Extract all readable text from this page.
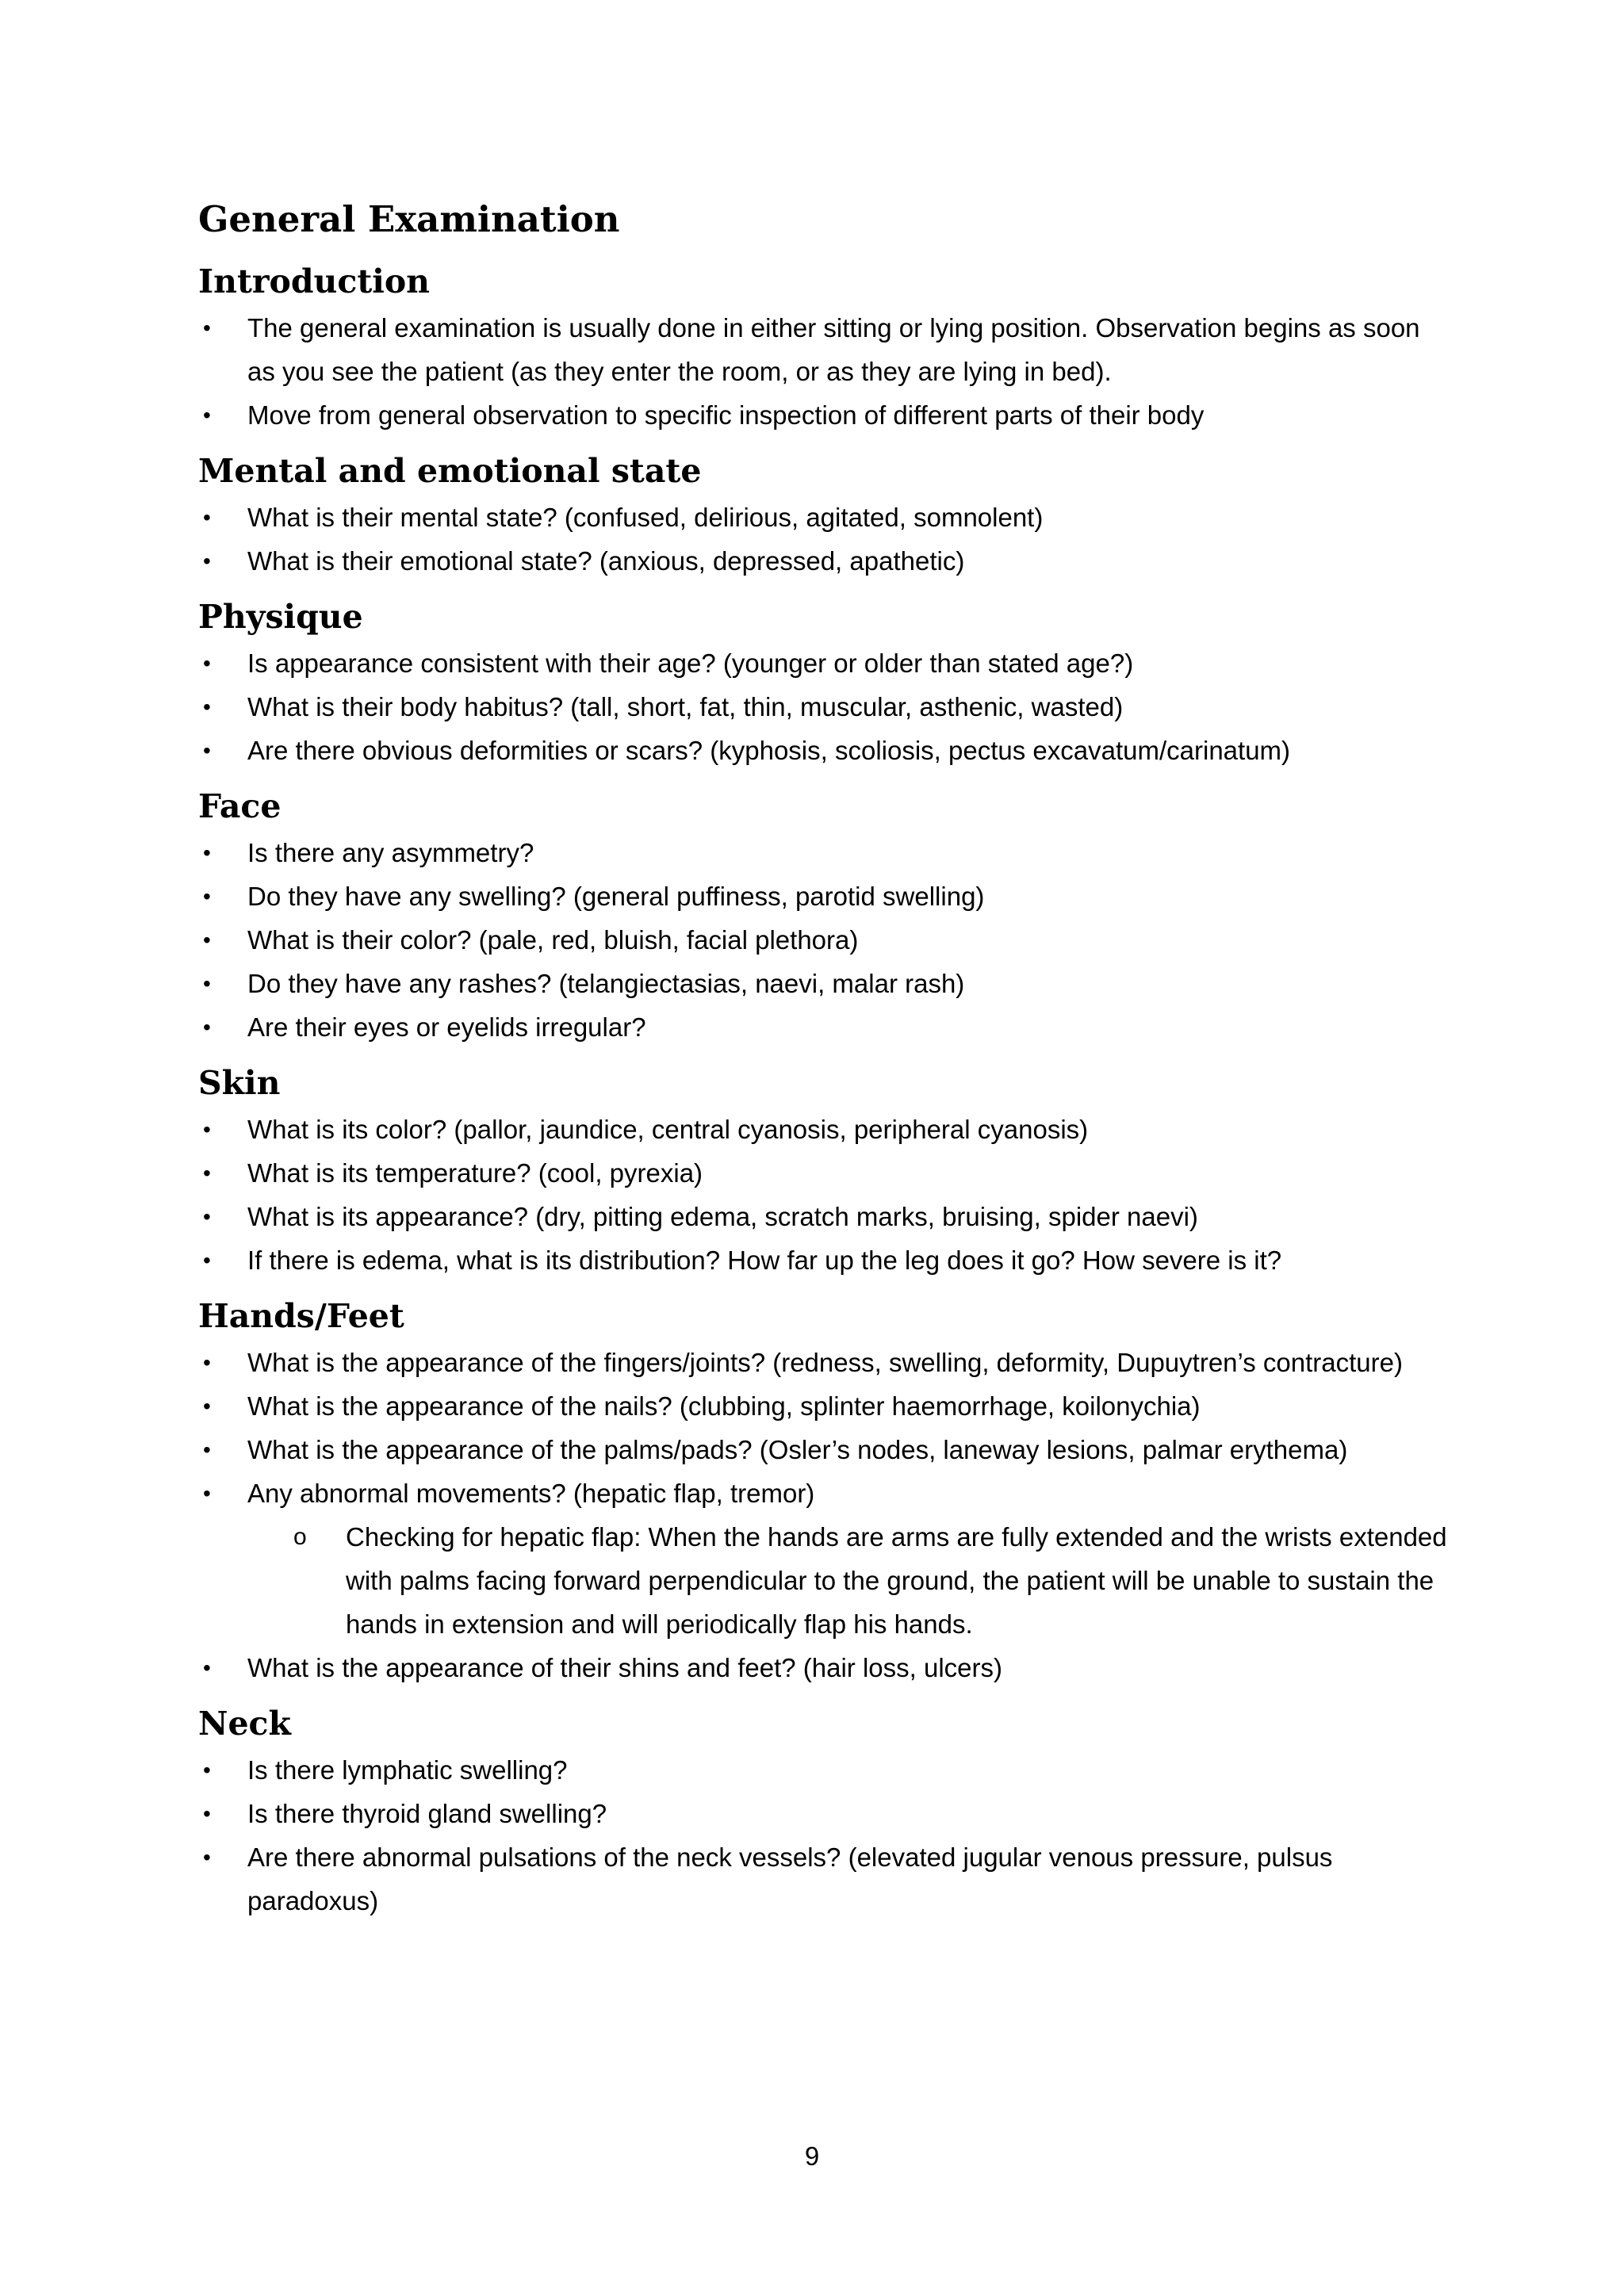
General Examination
Introduction
• The general examination is usually done in either sitting or lying position. Observation begins as soon as you see the patient (as they enter the room, or as they are lying in bed).
• Move from general observation to specific inspection of different parts of their body
Mental and emotional state
• What is their mental state? (confused, delirious, agitated, somnolent)
• What is their emotional state? (anxious, depressed, apathetic)
Physique
• Is appearance consistent with their age? (younger or older than stated age?)
• What is their body habitus? (tall, short, fat, thin, muscular, asthenic, wasted)
• Are there obvious deformities or scars? (kyphosis, scoliosis, pectus excavatum/carinatum)
Face
• Is there any asymmetry?
• Do they have any swelling? (general puffiness, parotid swelling)
• What is their color? (pale, red, bluish, facial plethora)
• Do they have any rashes? (telangiectasias, naevi, malar rash)
• Are their eyes or eyelids irregular?
Skin
• What is its color? (pallor, jaundice, central cyanosis, peripheral cyanosis)
• What is its temperature? (cool, pyrexia)
• What is its appearance? (dry, pitting edema, scratch marks, bruising, spider naevi)
• If there is edema, what is its distribution? How far up the leg does it go? How severe is it?
Hands/Feet
• What is the appearance of the fingers/joints? (redness, swelling, deformity, Dupuytren’s contracture)
• What is the appearance of the nails? (clubbing, splinter haemorrhage, koilonychia)
• What is the appearance of the palms/pads? (Osler’s nodes, laneway lesions, palmar erythema)
• Any abnormal movements? (hepatic flap, tremor)
o Checking for hepatic flap: When the hands are arms are fully extended and the wrists extended with palms facing forward perpendicular to the ground, the patient will be unable to sustain the hands in extension and will periodically flap his hands.
• What is the appearance of their shins and feet? (hair loss, ulcers)
Neck
• Is there lymphatic swelling?
• Is there thyroid gland swelling?
• Are there abnormal pulsations of the neck vessels? (elevated jugular venous pressure, pulsus paradoxus)
9
